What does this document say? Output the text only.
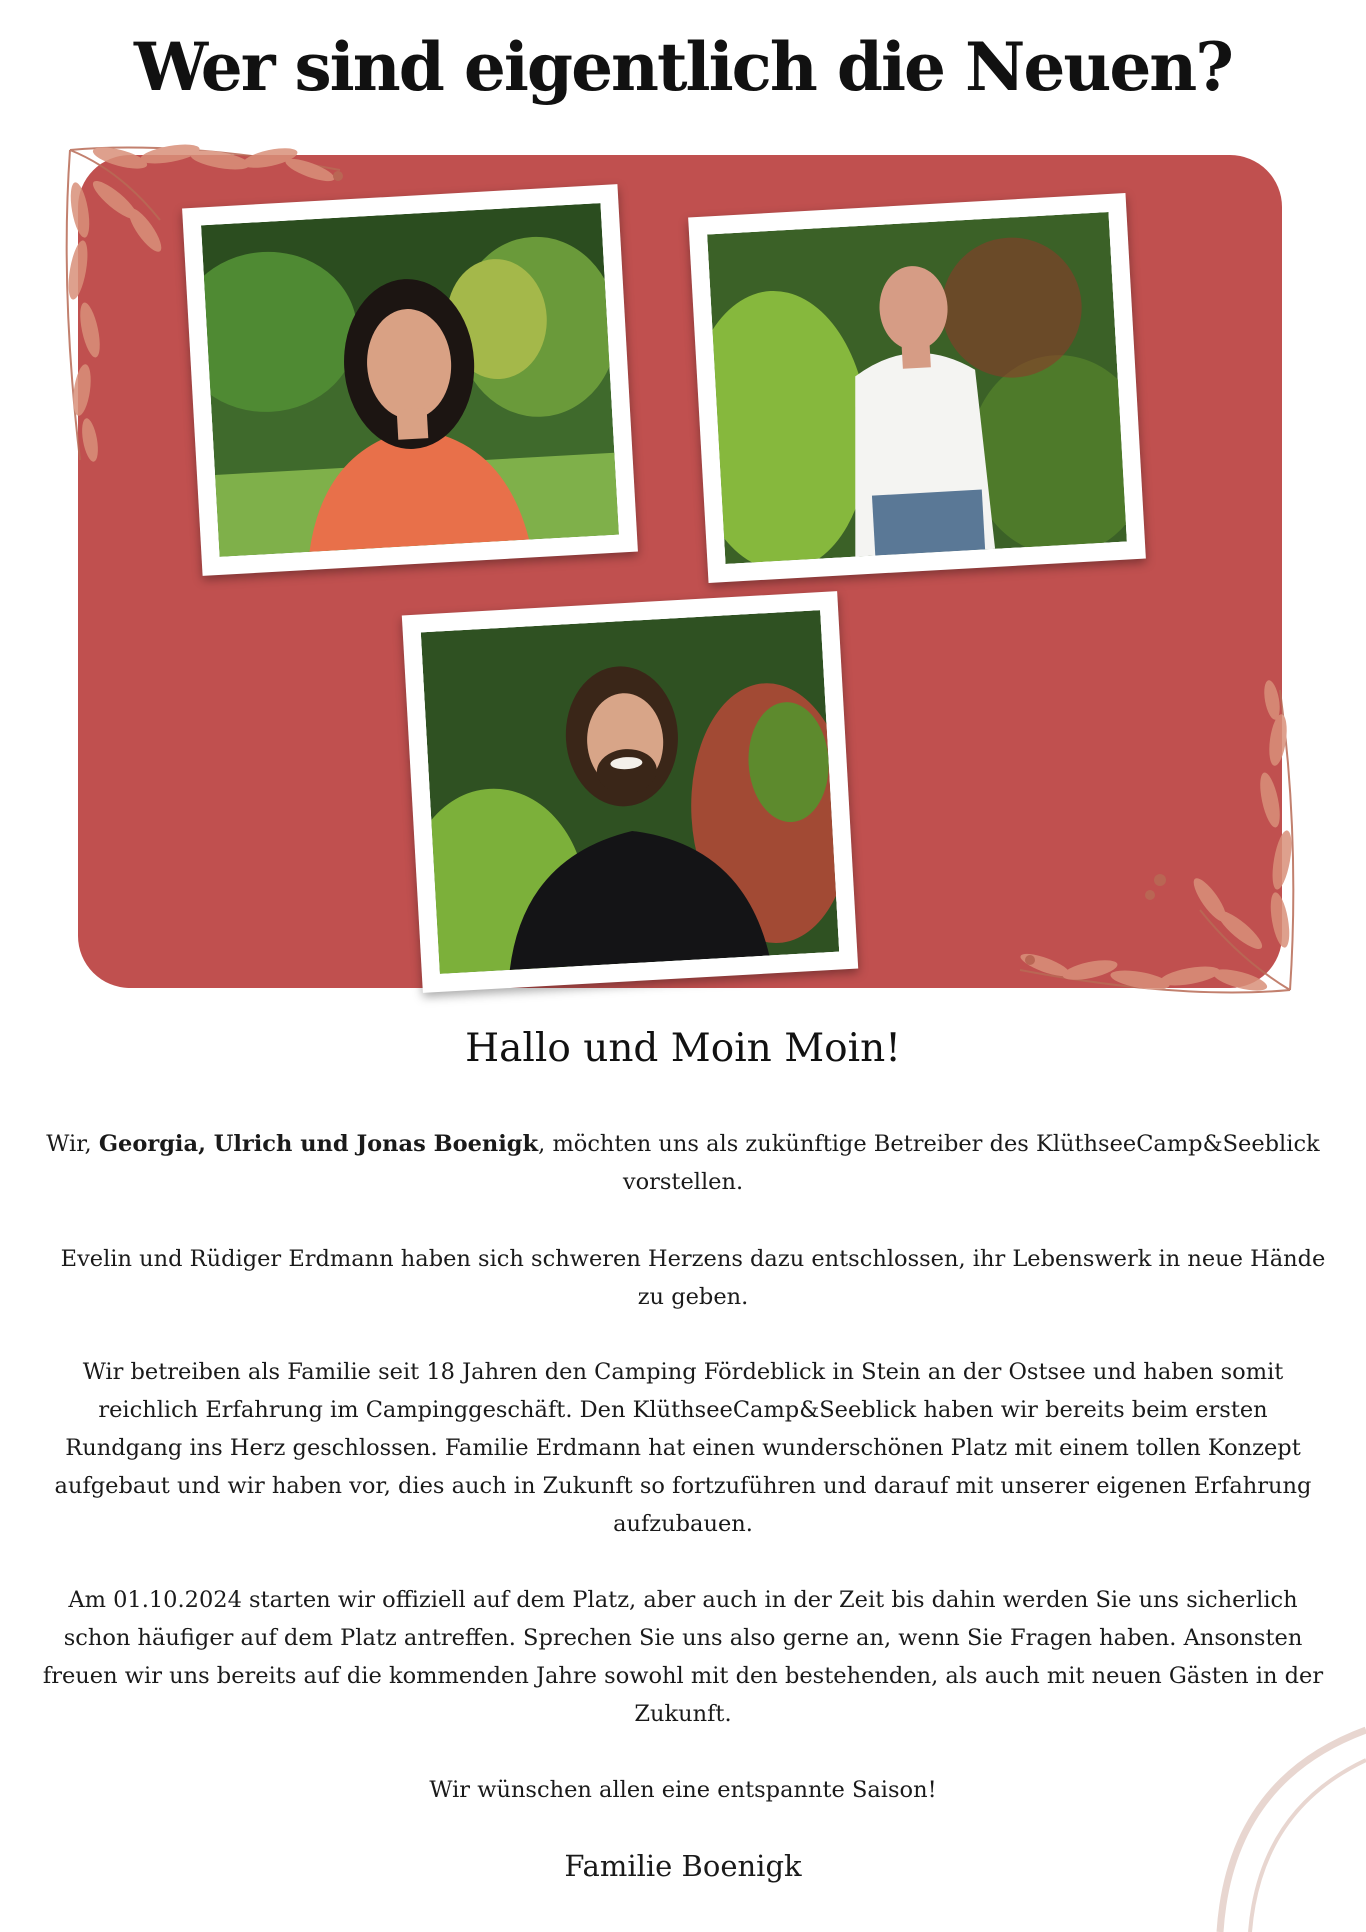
Wer sind eigentlich die Neuen?
Hallo und Moin Moin!
Wir, Georgia, Ulrich und Jonas Boenigk, möchten uns als zukünftige Betreiber des KlüthseeCamp&Seeblick vorstellen.
Evelin und Rüdiger Erdmann haben sich schweren Herzens dazu entschlossen, ihr Lebenswerk in neue Hände zu geben.
Wir betreiben als Familie seit 18 Jahren den Camping Fördeblick in Stein an der Ostsee und haben somit reichlich Erfahrung im Campinggeschäft. Den KlüthseeCamp&Seeblick haben wir bereits beim ersten Rundgang ins Herz geschlossen. Familie Erdmann hat einen wunderschönen Platz mit einem tollen Konzept aufgebaut und wir haben vor, dies auch in Zukunft so fortzuführen und darauf mit unserer eigenen Erfahrung aufzubauen.
Am 01.10.2024 starten wir offiziell auf dem Platz, aber auch in der Zeit bis dahin werden Sie uns sicherlich schon häufiger auf dem Platz antreffen. Sprechen Sie uns also gerne an, wenn Sie Fragen haben. Ansonsten freuen wir uns bereits auf die kommenden Jahre sowohl mit den bestehenden, als auch mit neuen Gästen in der Zukunft.
Wir wünschen allen eine entspannte Saison!
Familie Boenigk
